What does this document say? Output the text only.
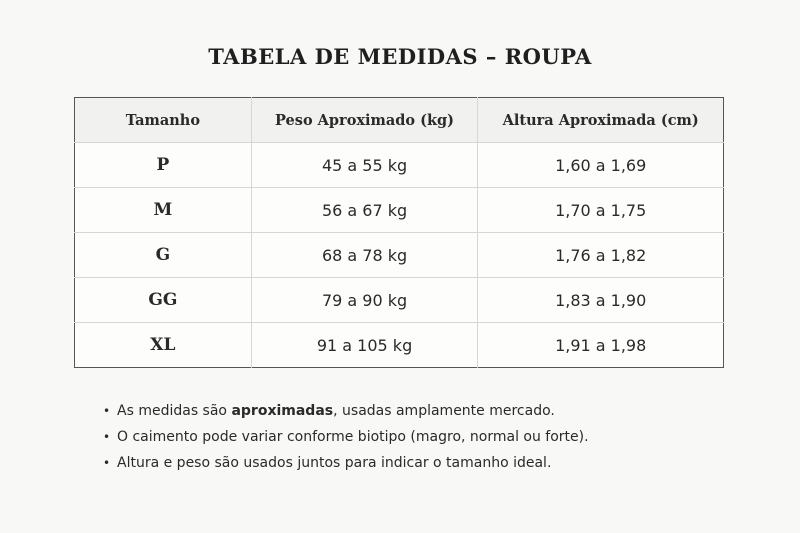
TABELA DE MEDIDAS – ROUPA
Tamanho	Peso Aproximado (kg)	Altura Aproximada (cm)
P	45 a 55 kg	1,60 a 1,69
M	56 a 67 kg	1,70 a 1,75
G	68 a 78 kg	1,76 a 1,82
GG	79 a 90 kg	1,83 a 1,90
XL	91 a 105 kg	1,91 a 1,98
• As medidas são aproximadas, usadas amplamente mercado.
• O caimento pode variar conforme biotipo (magro, normal ou forte).
• Altura e peso são usados juntos para indicar o tamanho ideal.
